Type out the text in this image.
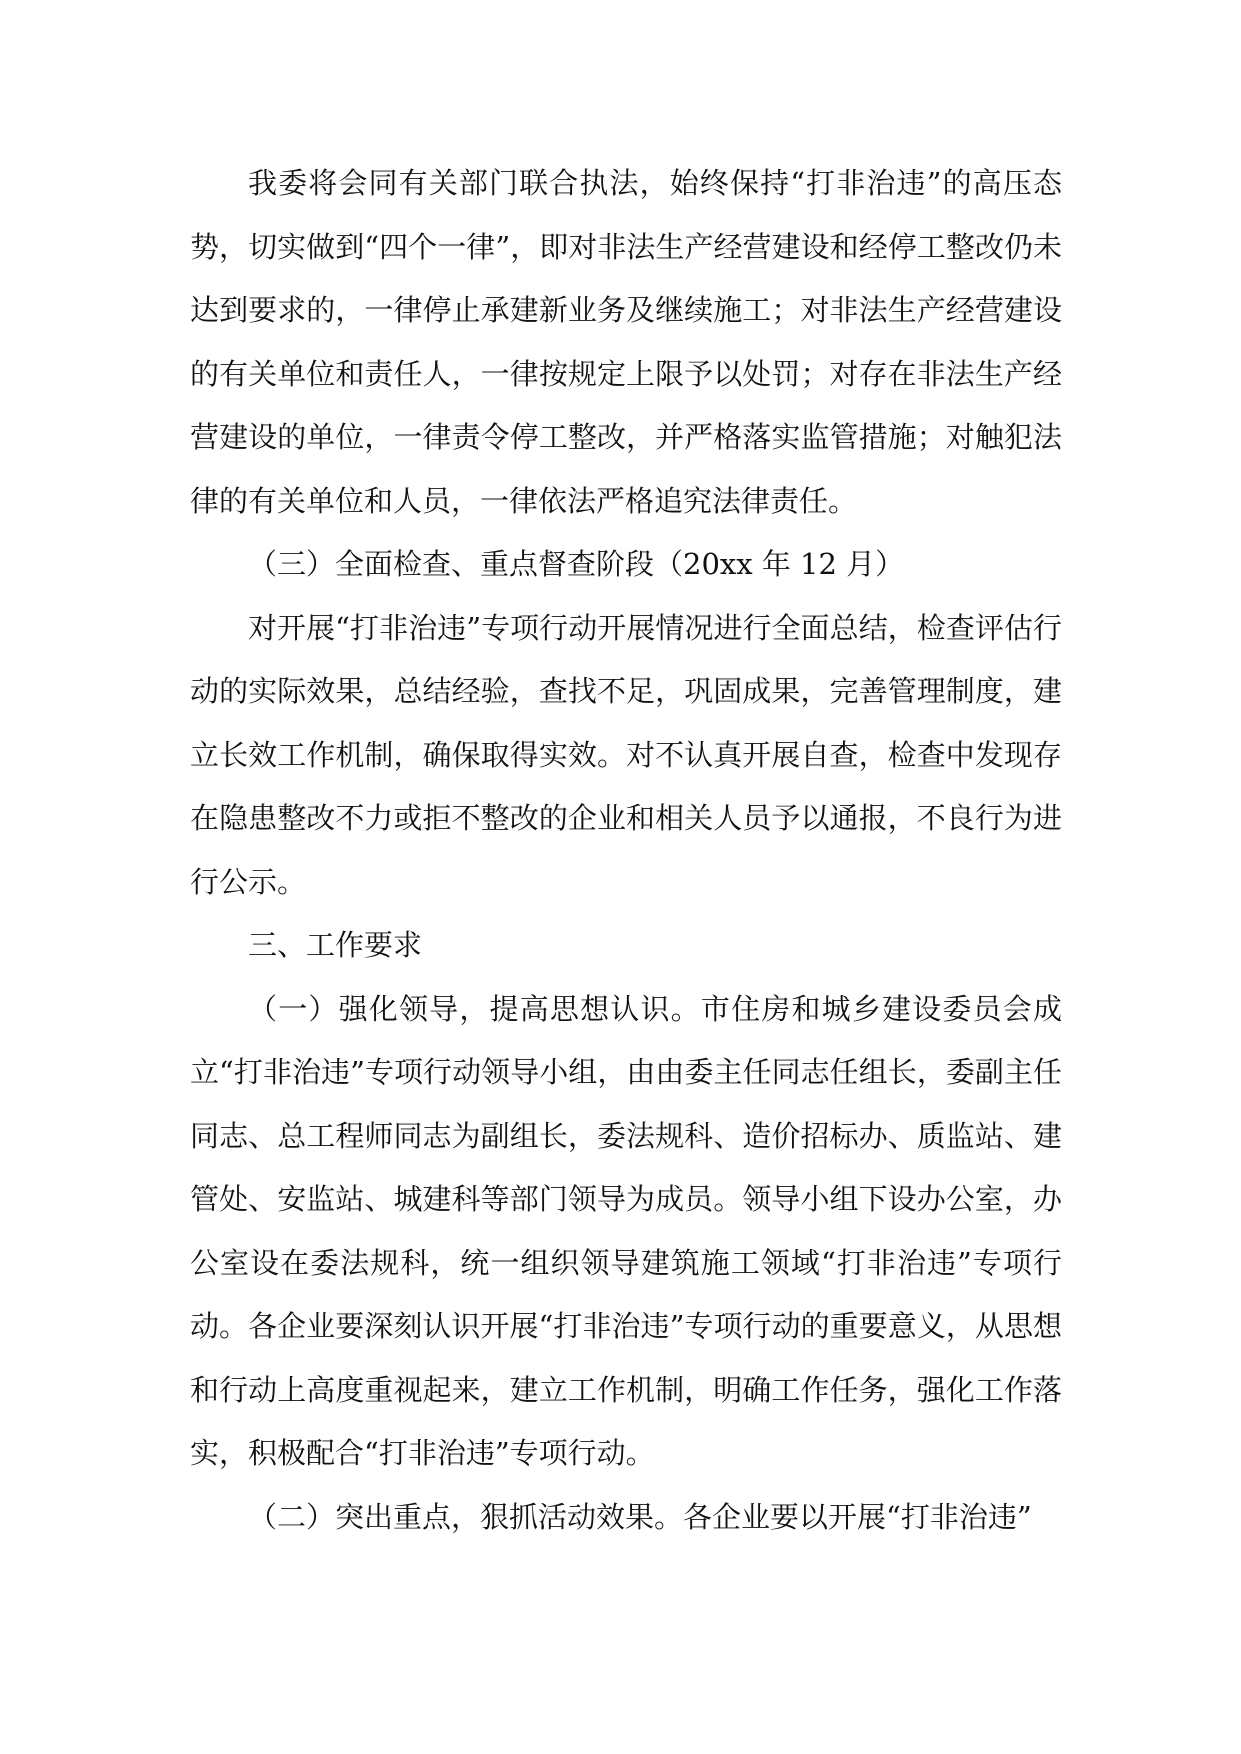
我委将会同有关部门联合执法，始终保持“打非治违”的高压态势，切实做到“四个一律”，即对非法生产经营建设和经停工整改仍未达到要求的，一律停止承建新业务及继续施工；对非法生产经营建设的有关单位和责任人，一律按规定上限予以处罚；对存在非法生产经营建设的单位，一律责令停工整改，并严格落实监管措施；对触犯法律的有关单位和人员，一律依法严格追究法律责任。

（三）全面检查、重点督查阶段（20xx 年 12 月）

对开展“打非治违”专项行动开展情况进行全面总结，检查评估行动的实际效果，总结经验，查找不足，巩固成果，完善管理制度，建立长效工作机制，确保取得实效。对不认真开展自查，检查中发现存在隐患整改不力或拒不整改的企业和相关人员予以通报，不良行为进行公示。

三、工作要求

（一）强化领导，提高思想认识。市住房和城乡建设委员会成立“打非治违”专项行动领导小组，由由委主任同志任组长，委副主任同志、总工程师同志为副组长，委法规科、造价招标办、质监站、建管处、安监站、城建科等部门领导为成员。领导小组下设办公室，办公室设在委法规科，统一组织领导建筑施工领域“打非治违”专项行动。各企业要深刻认识开展“打非治违”专项行动的重要意义，从思想和行动上高度重视起来，建立工作机制，明确工作任务，强化工作落实，积极配合“打非治违”专项行动。

（二）突出重点，狠抓活动效果。各企业要以开展“打非治违”
